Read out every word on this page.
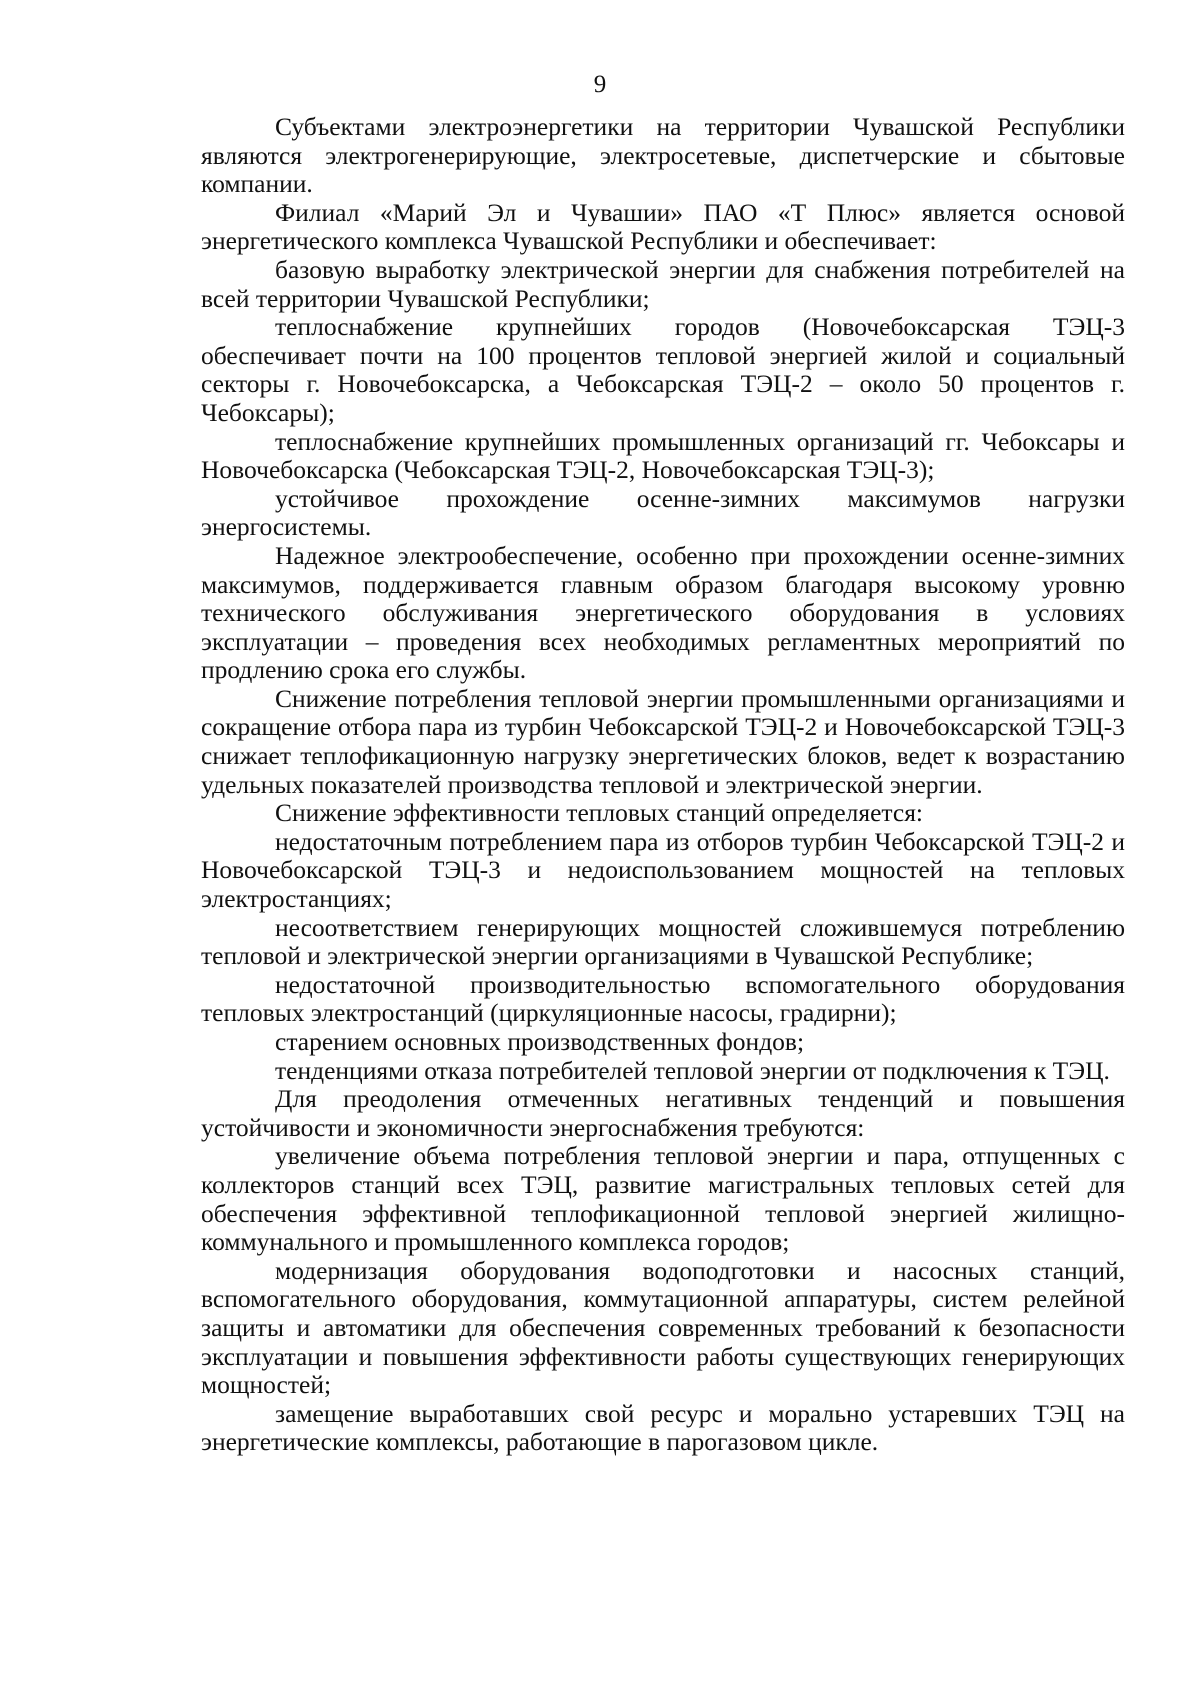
9

Субъектами электроэнергетики на территории Чувашской Республики являются электрогенерирующие, электросетевые, диспетчерские и сбытовые компании.

Филиал «Марий Эл и Чувашии» ПАО «Т Плюс» является основой энергетического комплекса Чувашской Республики и обеспечивает:

базовую выработку электрической энергии для снабжения потребителей на всей территории Чувашской Республики;

теплоснабжение крупнейших городов (Новочебоксарская ТЭЦ-3 обеспечивает почти на 100 процентов тепловой энергией жилой и социальный секторы г. Новочебоксарска, а Чебоксарская ТЭЦ-2 – около 50 процентов г. Чебоксары);

теплоснабжение крупнейших промышленных организаций гг. Чебоксары и Новочебоксарска (Чебоксарская ТЭЦ-2, Новочебоксарская ТЭЦ-3);

устойчивое прохождение осенне-зимних максимумов нагрузки энергосистемы.

Надежное электрообеспечение, особенно при прохождении осенне-зимних максимумов, поддерживается главным образом благодаря высокому уровню технического обслуживания энергетического оборудования в условиях эксплуатации – проведения всех необходимых регламентных мероприятий по продлению срока его службы.

Снижение потребления тепловой энергии промышленными организациями и сокращение отбора пара из турбин Чебоксарской ТЭЦ-2 и Новочебоксарской ТЭЦ-3 снижает теплофикационную нагрузку энергетических блоков, ведет к возрастанию удельных показателей производства тепловой и электрической энергии.

Снижение эффективности тепловых станций определяется:

недостаточным потреблением пара из отборов турбин Чебоксарской ТЭЦ-2 и Новочебоксарской ТЭЦ-3 и недоиспользованием мощностей на тепловых электростанциях;

несоответствием генерирующих мощностей сложившемуся потреблению тепловой и электрической энергии организациями в Чувашской Республике;

недостаточной производительностью вспомогательного оборудования тепловых электростанций (циркуляционные насосы, градирни);

старением основных производственных фондов;

тенденциями отказа потребителей тепловой энергии от подключения к ТЭЦ.

Для преодоления отмеченных негативных тенденций и повышения устойчивости и экономичности энергоснабжения требуются:

увеличение объема потребления тепловой энергии и пара, отпущенных с коллекторов станций всех ТЭЦ, развитие магистральных тепловых сетей для обеспечения эффективной теплофикационной тепловой энергией жилищно-коммунального и промышленного комплекса городов;

модернизация оборудования водоподготовки и насосных станций, вспомогательного оборудования, коммутационной аппаратуры, систем релейной защиты и автоматики для обеспечения современных требований к безопасности эксплуатации и повышения эффективности работы существующих генерирующих мощностей;

замещение выработавших свой ресурс и морально устаревших ТЭЦ на энергетические комплексы, работающие в парогазовом цикле.
